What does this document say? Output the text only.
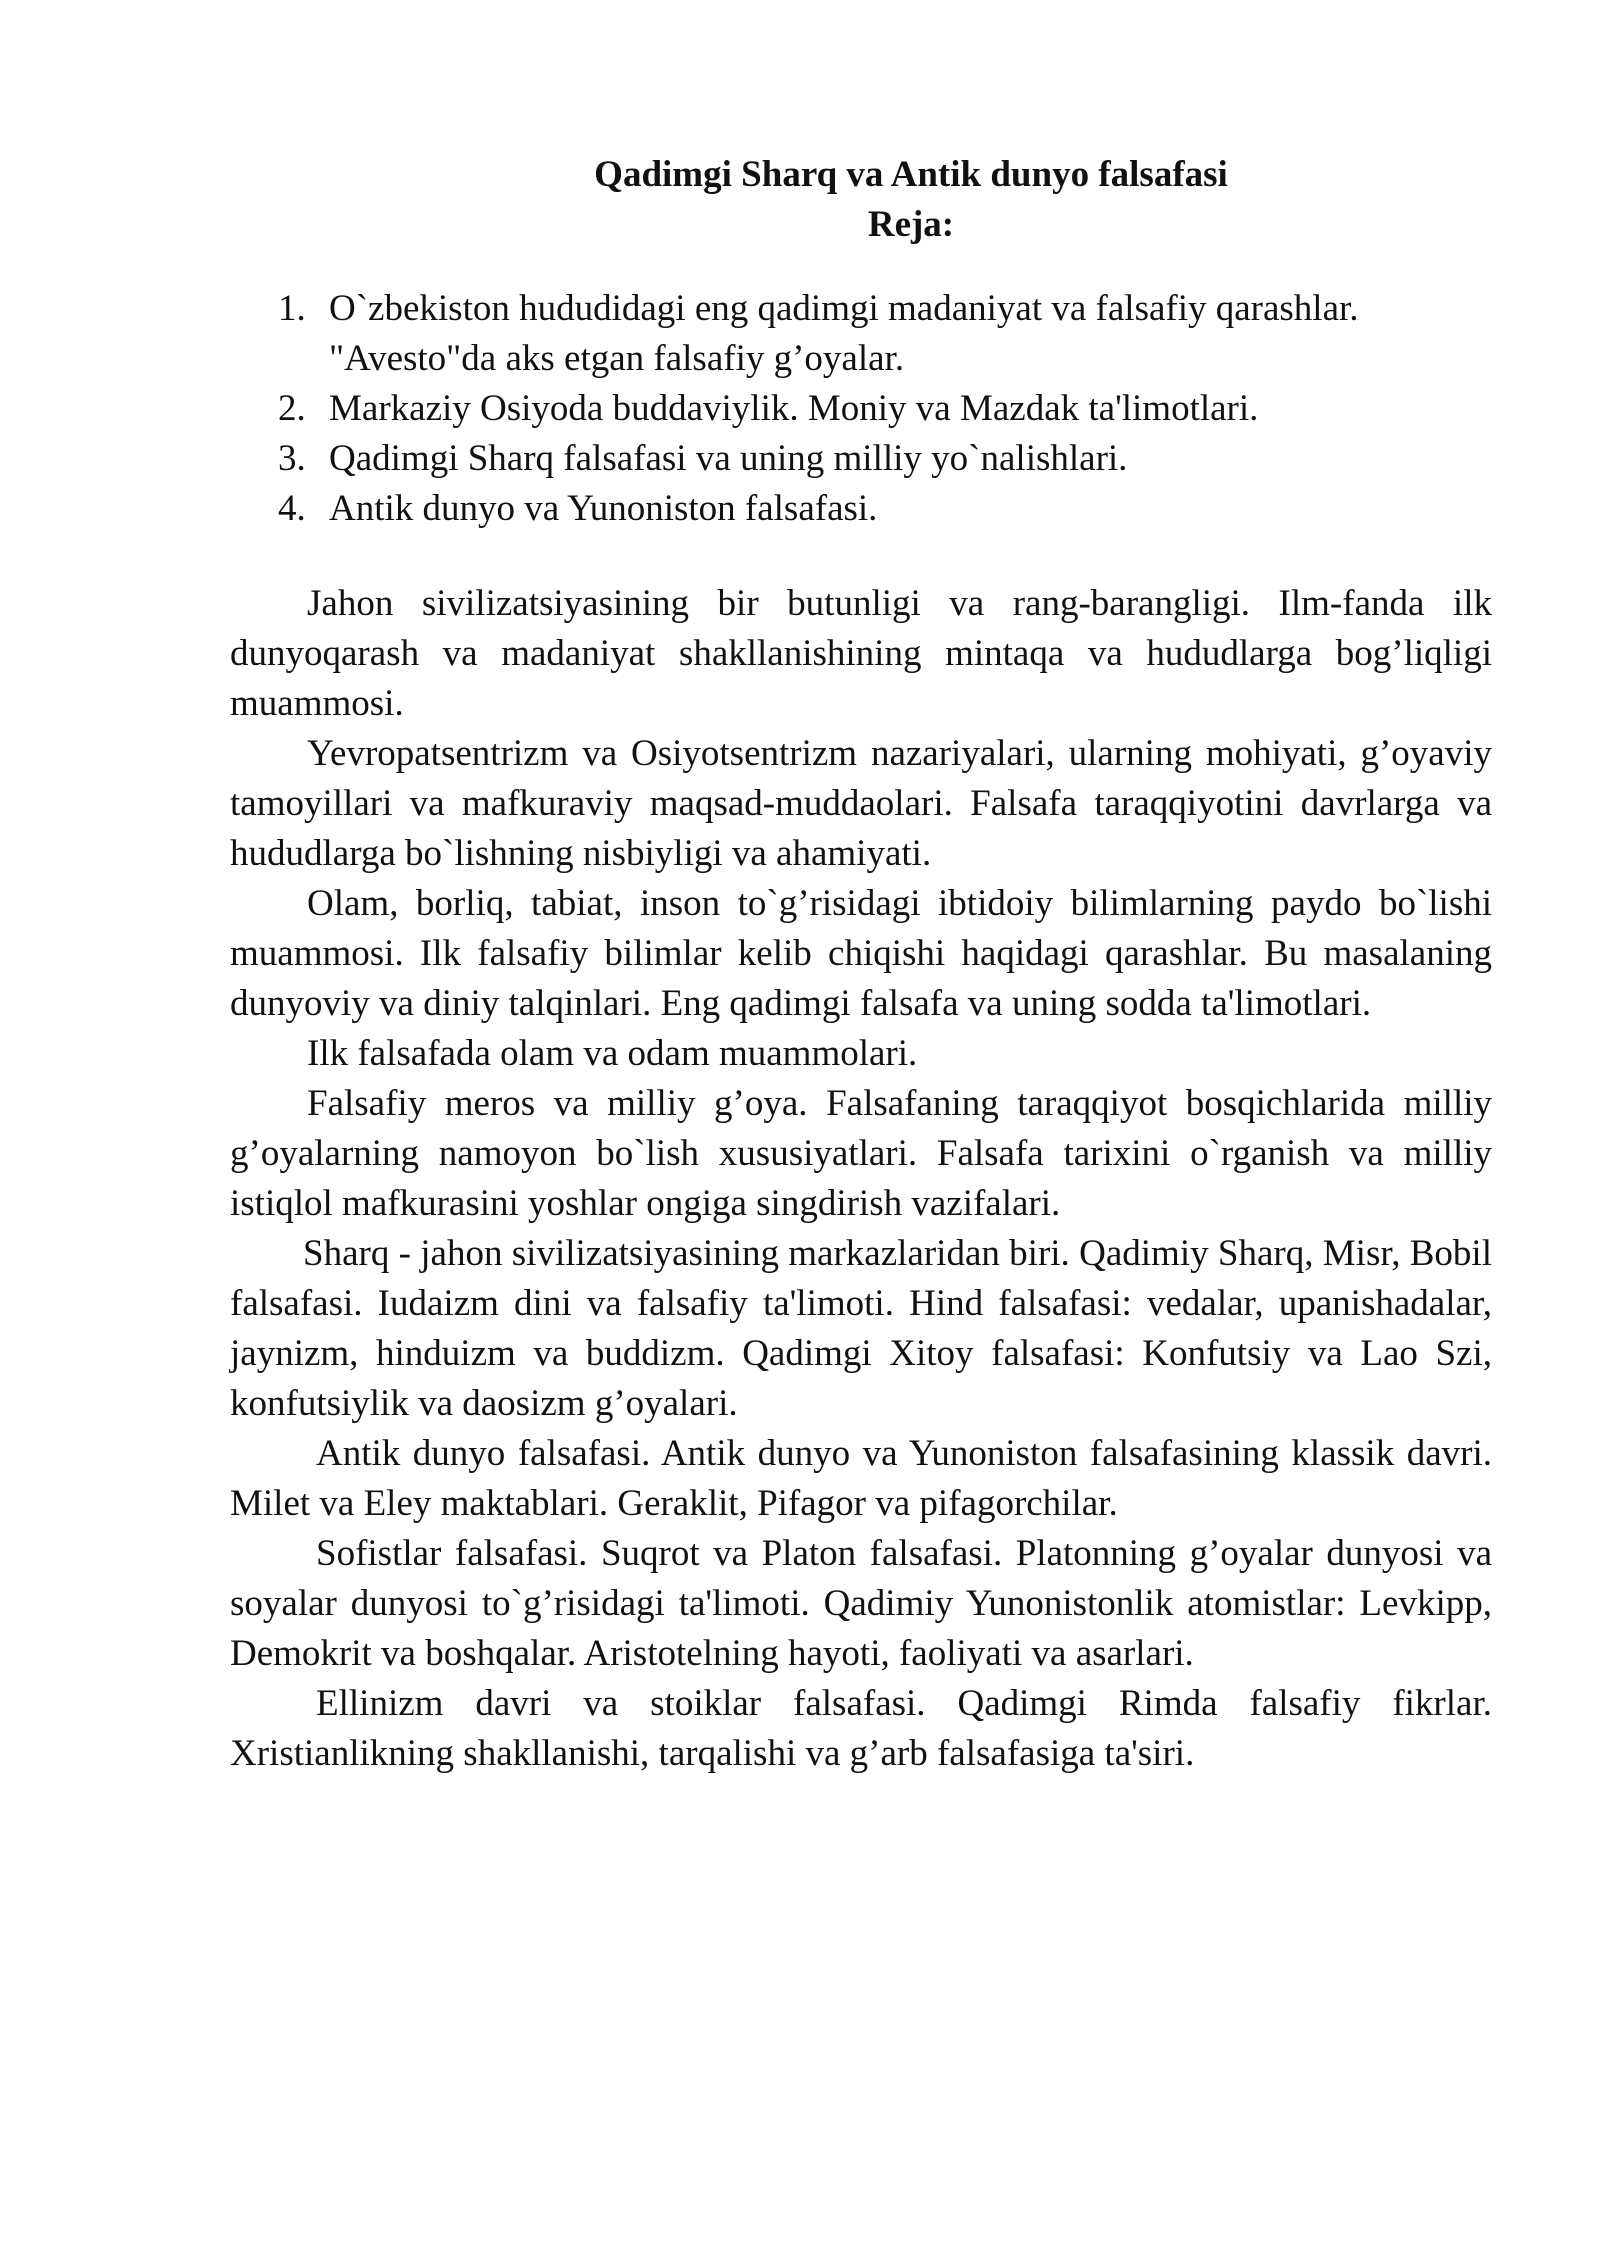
Qadimgi Sharq va Antik dunyo falsafasi
Reja:
1. O`zbekiston hududidagi eng qadimgi madaniyat va falsafiy qarashlar. "Avesto"da aks etgan falsafiy g’oyalar.
2. Markaziy Osiyoda buddaviylik. Moniy va Mazdak ta'limotlari.
3. Qadimgi Sharq falsafasi va uning milliy yo`nalishlari.
4. Antik dunyo va Yunoniston falsafasi.

Jahon sivilizatsiyasining bir butunligi va rang-barangligi. Ilm-fanda ilk dunyoqarash va madaniyat shakllanishining mintaqa va hududlarga bog’liqligi muammosi.

Yevropatsentrizm va Osiyotsentrizm nazariyalari, ularning mohiyati, g’oyaviy tamoyillari va mafkuraviy maqsad-muddaolari. Falsafa taraqqiyotini davrlarga va hududlarga bo`lishning nisbiyligi va ahamiyati.

Olam, borliq, tabiat, inson to`g’risidagi ibtidoiy bilimlarning paydo bo`lishi muammosi. Ilk falsafiy bilimlar kelib chiqishi haqidagi qarashlar. Bu masalaning dunyoviy va diniy talqinlari. Eng qadimgi falsafa va uning sodda ta'limotlari.

Ilk falsafada olam va odam muammolari.

Falsafiy meros va milliy g’oya. Falsafaning taraqqiyot bosqichlarida milliy g’oyalarning namoyon bo`lish xususiyatlari. Falsafa tarixini o`rganish va milliy istiqlol mafkurasini yoshlar ongiga singdirish vazifalari.

Sharq - jahon sivilizatsiyasining markazlaridan biri. Qadimiy Sharq, Misr, Bobil falsafasi. Iudaizm dini va falsafiy ta'limoti. Hind falsafasi: vedalar, upanishadalar, jaynizm, hinduizm va buddizm. Qadimgi Xitoy falsafasi: Konfutsiy va Lao Szi, konfutsiylik va daosizm g’oyalari.

Antik dunyo falsafasi. Antik dunyo va Yunoniston falsafasining klassik davri. Milet va Eley maktablari. Geraklit, Pifagor va pifagorchilar.

Sofistlar falsafasi. Suqrot va Platon falsafasi. Platonning g’oyalar dunyosi va soyalar dunyosi to`g’risidagi ta'limoti. Qadimiy Yunonistonlik atomistlar: Levkipp, Demokrit va boshqalar. Aristotelning hayoti, faoliyati va asarlari.

Ellinizm davri va stoiklar falsafasi. Qadimgi Rimda falsafiy fikrlar. Xristianlikning shakllanishi, tarqalishi va g’arb falsafasiga ta'siri.
